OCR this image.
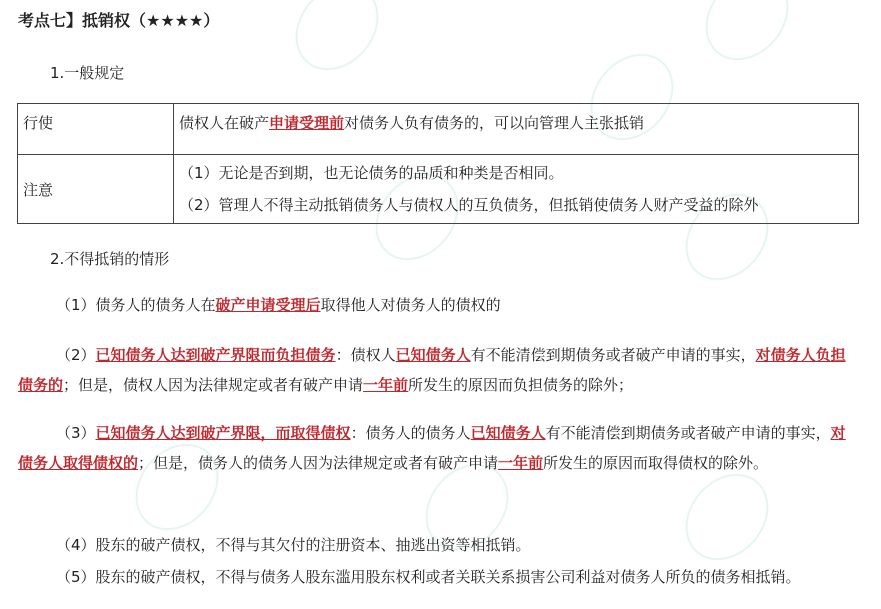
考点七】抵销权（★★★★）
1.一般规定
行使	债权人在破产申请受理前对债务人负有债务的，可以向管理人主张抵销

注意	（1）无论是否到期，也无论债务的品质和种类是否相同。
（2）管理人不得主动抵销债务人与债权人的互负债务，但抵销使债务人财产受益的除外
2.不得抵销的情形
（1）债务人的债务人在破产申请受理后取得他人对债务人的债权的
（2）已知债务人达到破产界限而负担债务：债权人已知债务人有不能清偿到期债务或者破产申请的事实，对债务人负担债务的；但是，债权人因为法律规定或者有破产申请一年前所发生的原因而负担债务的除外；
（3）已知债务人达到破产界限，而取得债权：债务人的债务人已知债务人有不能清偿到期债务或者破产申请的事实，对债务人取得债权的；但是，债务人的债务人因为法律规定或者有破产申请一年前所发生的原因而取得债权的除外。
（4）股东的破产债权，不得与其欠付的注册资本、抽逃出资等相抵销。
（5）股东的破产债权，不得与债务人股东滥用股东权利或者关联关系损害公司利益对债务人所负的债务相抵销。
